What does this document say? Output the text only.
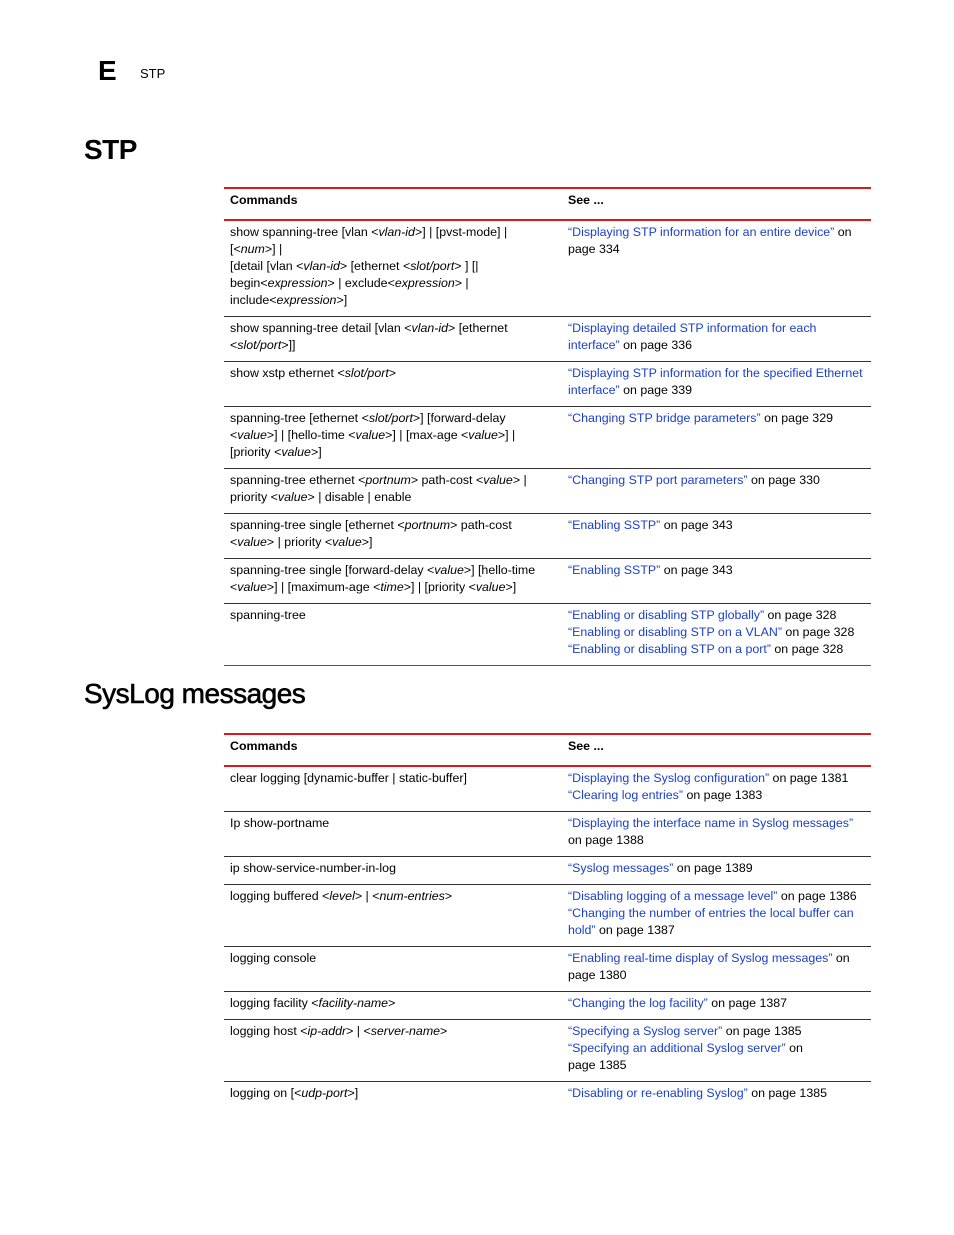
E STP
STP
Commands	See ...
show spanning-tree [vlan <vlan-id>] | [pvst-mode] | [<num>] |
[detail [vlan <vlan-id> [ethernet <slot/port> ] [|
begin<expression> | exclude<expression> |
include<expression>]	“Displaying STP information for an entire device” on page 334

show spanning-tree detail [vlan <vlan-id> [ethernet
<slot/port>]]	“Displaying detailed STP information for each interface” on page 336

show xstp ethernet <slot/port>	“Displaying STP information for the specified Ethernet interface” on page 339

spanning-tree [ethernet <slot/port>] [forward-delay
<value>] | [hello-time <value>] | [max-age <value>] |
[priority <value>]	“Changing STP bridge parameters” on page 329

spanning-tree ethernet <portnum> path-cost <value> |
priority <value> | disable | enable	“Changing STP port parameters” on page 330

spanning-tree single [ethernet <portnum> path-cost
<value> | priority <value>]	“Enabling SSTP” on page 343

spanning-tree single [forward-delay <value>] [hello-time
<value>] | [maximum-age <time>] | [priority <value>]	“Enabling SSTP” on page 343

spanning-tree	“Enabling or disabling STP globally” on page 328
“Enabling or disabling STP on a VLAN” on page 328
“Enabling or disabling STP on a port” on page 328
SysLog messages
Commands	See ...
clear logging [dynamic-buffer | static-buffer]	“Displaying the Syslog configuration” on page 1381
“Clearing log entries” on page 1383

Ip show-portname	“Displaying the interface name in Syslog messages”
on page 1388

ip show-service-number-in-log	“Syslog messages” on page 1389

logging buffered <level> | <num-entries>	“Disabling logging of a message level” on page 1386
“Changing the number of entries the local buffer can hold” on page 1387

logging console	“Enabling real-time display of Syslog messages” on
page 1380

logging facility <facility-name>	“Changing the log facility” on page 1387

logging host <ip-addr> | <server-name>	“Specifying a Syslog server” on page 1385
“Specifying an additional Syslog server” on
page 1385

logging on [<udp-port>]	“Disabling or re-enabling Syslog” on page 1385
